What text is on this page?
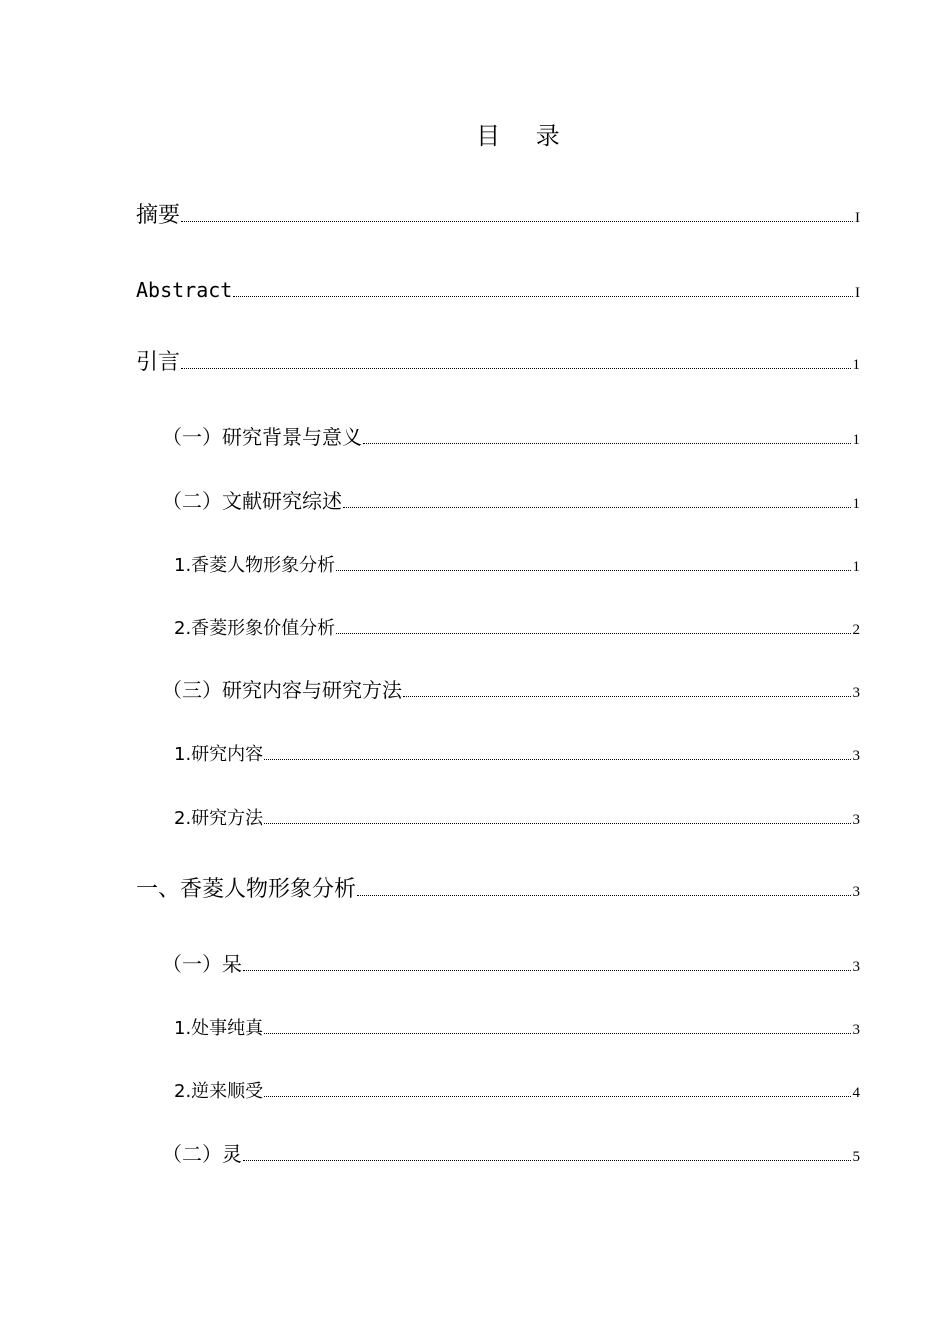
目 录
摘要	I
Abstract	I
引言	1
（一）研究背景与意义	1
（二）文献研究综述	1
1.香菱人物形象分析	1
2.香菱形象价值分析	2
（三）研究内容与研究方法	3
1.研究内容	3
2.研究方法	3
一、香菱人物形象分析	3
（一）呆	3
1.处事纯真	3
2.逆来顺受	4
（二）灵	5
